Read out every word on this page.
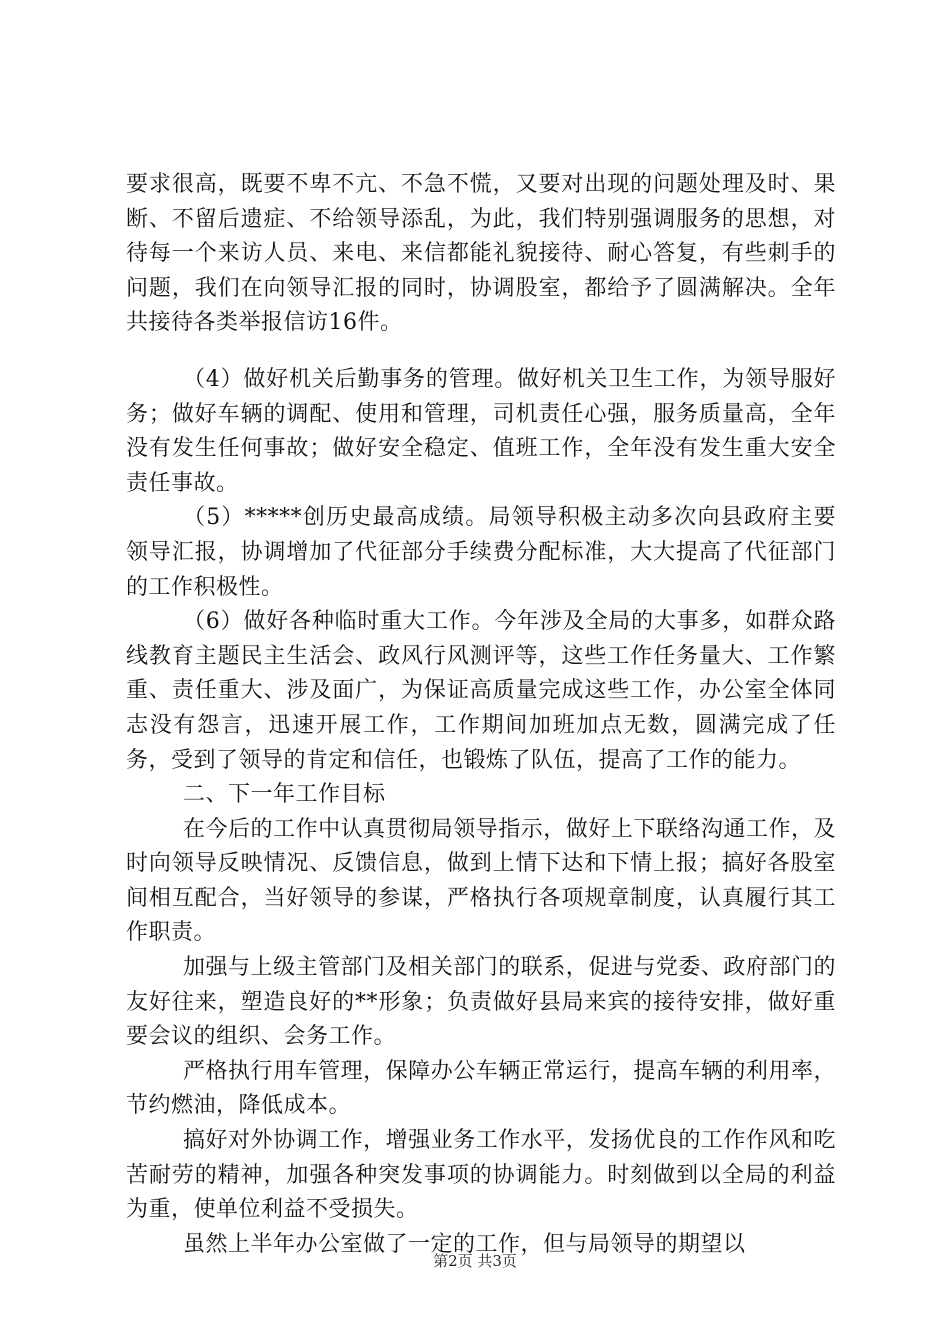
要求很高，既要不卑不亢、不急不慌，又要对出现的问题处理及时、果断、不留后遗症、不给领导添乱，为此，我们特别强调服务的思想，对待每一个来访人员、来电、来信都能礼貌接待、耐心答复，有些刺手的问题，我们在向领导汇报的同时，协调股室，都给予了圆满解决。全年共接待各类举报信访16件。

（4）做好机关后勤事务的管理。做好机关卫生工作，为领导服好务；做好车辆的调配、使用和管理，司机责任心强，服务质量高，全年没有发生任何事故；做好安全稳定、值班工作，全年没有发生重大安全责任事故。

（5）*****创历史最高成绩。局领导积极主动多次向县政府主要领导汇报，协调增加了代征部分手续费分配标准，大大提高了代征部门的工作积极性。

（6）做好各种临时重大工作。今年涉及全局的大事多，如群众路线教育主题民主生活会、政风行风测评等，这些工作任务量大、工作繁重、责任重大、涉及面广，为保证高质量完成这些工作，办公室全体同志没有怨言，迅速开展工作，工作期间加班加点无数，圆满完成了任务，受到了领导的肯定和信任，也锻炼了队伍，提高了工作的能力。

二、下一年工作目标

在今后的工作中认真贯彻局领导指示，做好上下联络沟通工作，及时向领导反映情况、反馈信息，做到上情下达和下情上报；搞好各股室间相互配合，当好领导的参谋，严格执行各项规章制度，认真履行其工作职责。

加强与上级主管部门及相关部门的联系，促进与党委、政府部门的友好往来，塑造良好的**形象；负责做好县局来宾的接待安排，做好重要会议的组织、会务工作。

严格执行用车管理，保障办公车辆正常运行，提高车辆的利用率，节约燃油，降低成本。

搞好对外协调工作，增强业务工作水平，发扬优良的工作作风和吃苦耐劳的精神，加强各种突发事项的协调能力。时刻做到以全局的利益为重，使单位利益不受损失。

虽然上半年办公室做了一定的工作，但与局领导的期望以

第2页 共3页
